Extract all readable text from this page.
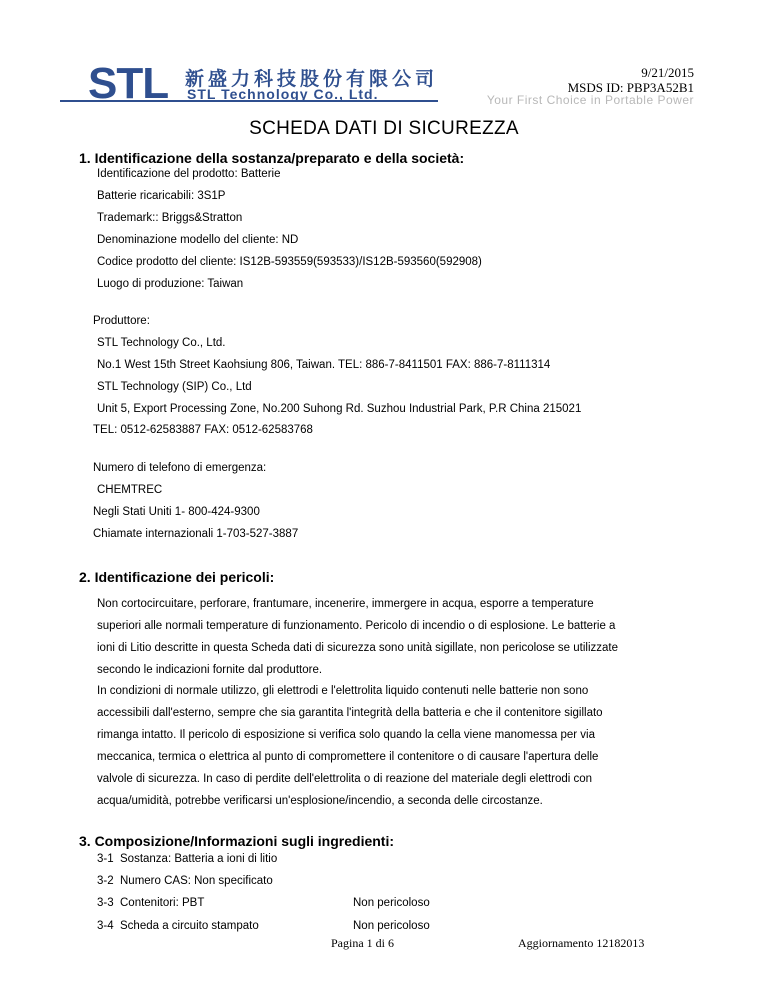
STL 新盛力科技股份有限公司
STL Technology Co., Ltd.	Your First Choice in Portable Power
9/21/2015
MSDS ID: PBP3A52B1
SCHEDA DATI DI SICUREZZA
1. Identificazione della sostanza/preparato e della società:
Identificazione del prodotto: Batterie
Batterie ricaricabili: 3S1P
Trademark:: Briggs&Stratton
Denominazione modello del cliente: ND
Codice prodotto del cliente: IS12B-593559(593533)/IS12B-593560(592908)
Luogo di produzione: Taiwan
Produttore:
STL Technology Co., Ltd.
No.1 West 15th Street Kaohsiung 806, Taiwan. TEL: 886-7-8411501 FAX: 886-7-8111314
STL Technology (SIP) Co., Ltd
Unit 5, Export Processing Zone, No.200 Suhong Rd. Suzhou Industrial Park, P.R China 215021
TEL: 0512-62583887 FAX: 0512-62583768
Numero di telefono di emergenza:
CHEMTREC
Negli Stati Uniti 1- 800-424-9300
Chiamate internazionali 1-703-527-3887
2. Identificazione dei pericoli:
Non cortocircuitare, perforare, frantumare, incenerire, immergere in acqua, esporre a temperature
superiori alle normali temperature di funzionamento. Pericolo di incendio o di esplosione. Le batterie a
ioni di Litio descritte in questa Scheda dati di sicurezza sono unità sigillate, non pericolose se utilizzate
secondo le indicazioni fornite dal produttore.
In condizioni di normale utilizzo, gli elettrodi e l'elettrolita liquido contenuti nelle batterie non sono
accessibili dall'esterno, sempre che sia garantita l'integrità della batteria e che il contenitore sigillato
rimanga intatto. Il pericolo di esposizione si verifica solo quando la cella viene manomessa per via
meccanica, termica o elettrica al punto di compromettere il contenitore o di causare l'apertura delle
valvole di sicurezza. In caso di perdite dell'elettrolita o di reazione del materiale degli elettrodi con
acqua/umidità, potrebbe verificarsi un'esplosione/incendio, a seconda delle circostanze.
3. Composizione/Informazioni sugli ingredienti:
3-1 Sostanza: Batteria a ioni di litio
3-2 Numero CAS: Non specificato
3-3 Contenitori: PBT	Non pericoloso
3-4 Scheda a circuito stampato	Non pericoloso
Pagina 1 di 6	Aggiornamento 12182013
